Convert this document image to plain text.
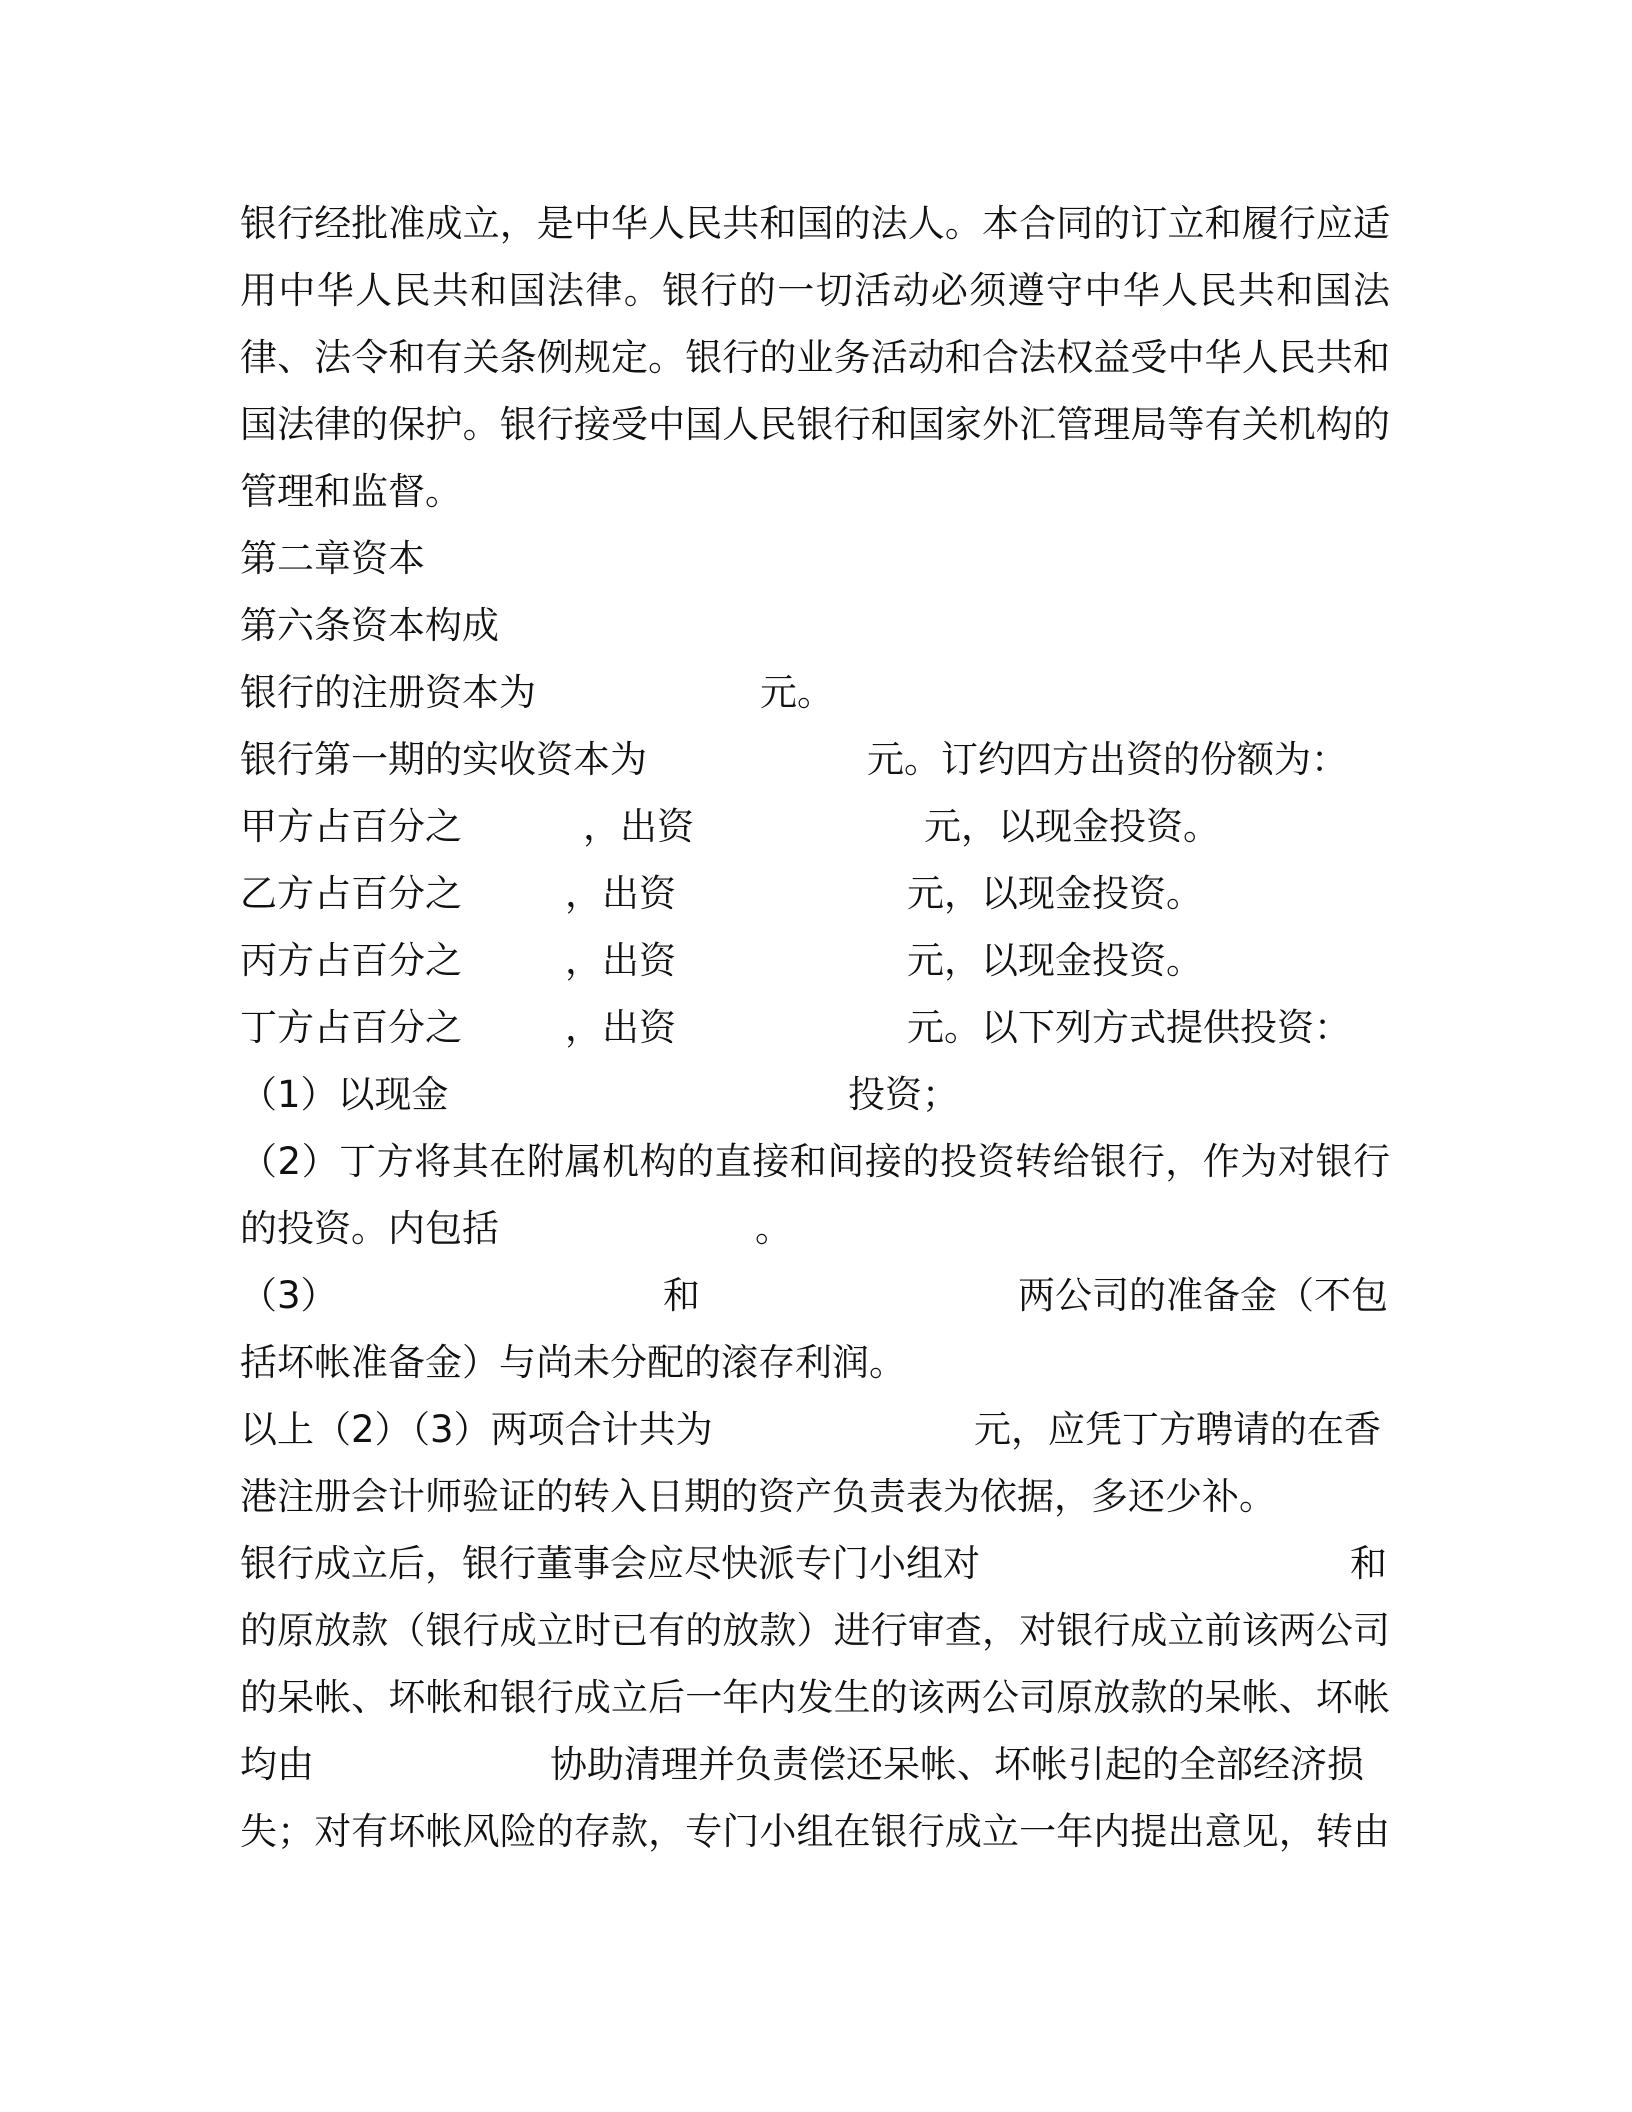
银行经批准成立，是中华人民共和国的法人。本合同的订立和履行应适
用中华人民共和国法律。银行的一切活动必须遵守中华人民共和国法
律、法令和有关条例规定。银行的业务活动和合法权益受中华人民共和
国法律的保护。银行接受中国人民银行和国家外汇管理局等有关机构的
管理和监督。
第二章资本
第六条资本构成
银行的注册资本为	元。
银行第一期的实收资本为	元。订约四方出资的份额为：
甲方占百分之	，出资	元，以现金投资。
乙方占百分之	，出资	元，以现金投资。
丙方占百分之	，出资	元，以现金投资。
丁方占百分之	，出资	元。以下列方式提供投资：
（1）以现金	投资；
（2）丁方将其在附属机构的直接和间接的投资转给银行，作为对银行
的投资。内包括	。
（3）	和	两公司的准备金（不包
括坏帐准备金）与尚未分配的滚存利润。
以上（2）（3）两项合计共为	元，应凭丁方聘请的在香
港注册会计师验证的转入日期的资产负责表为依据，多还少补。
银行成立后，银行董事会应尽快派专门小组对	和
的原放款（银行成立时已有的放款）进行审查，对银行成立前该两公司
的呆帐、坏帐和银行成立后一年内发生的该两公司原放款的呆帐、坏帐
均由	协助清理并负责偿还呆帐、坏帐引起的全部经济损
失；对有坏帐风险的存款，专门小组在银行成立一年内提出意见，转由
